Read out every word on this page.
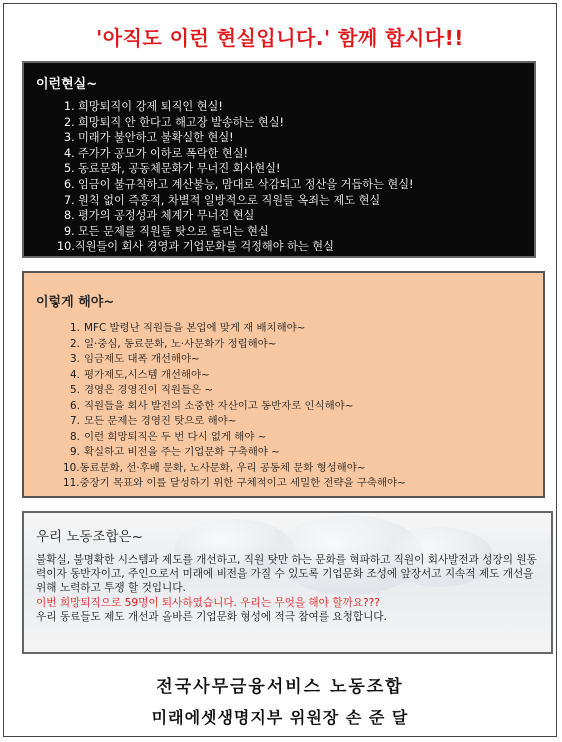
'아직도 이런 현실입니다.' 함께 합시다!!
이런현실~
1. 희망퇴직이 강제 퇴직인 현실!
2. 희망퇴직 안 한다고 해고장 발송하는 현실!
3. 미래가 불안하고 불확실한 현실!
4. 주가가 공모가 이하로 폭락한 현실!
5. 동료문화, 공동체문화가 무너진 회사현실!
6. 임금이 불규칙하고 계산불능, 맘대로 삭감되고 정산을 거듭하는 현실!
7. 원칙 없이 즉흥적, 차별적 일방적으로 직원들 옥죄는 제도 현실
8. 평가의 공정성과 체계가 무너진 현실
9. 모든 문제를 직원들 탓으로 돌리는 현실
10.직원들이 회사 경영과 기업문화를 걱정해야 하는 현실
이렇게 해야~
1. MFC 발령난 직원들을 본업에 맞게 재 배치해야~
2. 일·중심, 동료문화, 노·사문화가 정립해야~
3. 임금제도 대폭 개선해야~
4. 평가제도,시스템 개선해야~
5. 경영은 경영진이 직원들은 ~
6. 직원들을 회사 발전의 소중한 자산이고 동반자로 인식해야~
7. 모든 문제는 경영진 탓으로 해야~
8. 이런 희망퇴직은 두 번 다시 없게 해야 ~
9. 확실하고 비전을 주는 기업문화 구축해야 ~
10.동료문화, 선·후배 문화, 노사문화, 우리 공동체 문화 형성해야~
11.중장기 목표와 이를 달성하기 위한 구체적이고 세밀한 전략을 구축해야~
우리 노동조합은~

불확실, 불명확한 시스템과 제도를 개선하고, 직원 탓만 하는 문화를 혁파하고 직원이 회사발전과 성장의 원동력이자 동반자이고, 주인으로서 미래에 비전을 가질 수 있도록 기업문화 조성에 앞장서고 지속적 제도 개선을 위해 노력하고 투쟁 할 것입니다.

이번 희망퇴직으로 59명이 퇴사하였습니다. 우리는 무엇을 해야 할까요???

우리 동료들도 제도 개선과 올바른 기업문화 형성에 적극 참여를 요청합니다.

전국사무금융서비스 노동조합
미래에셋생명지부 위원장 손 준 달
